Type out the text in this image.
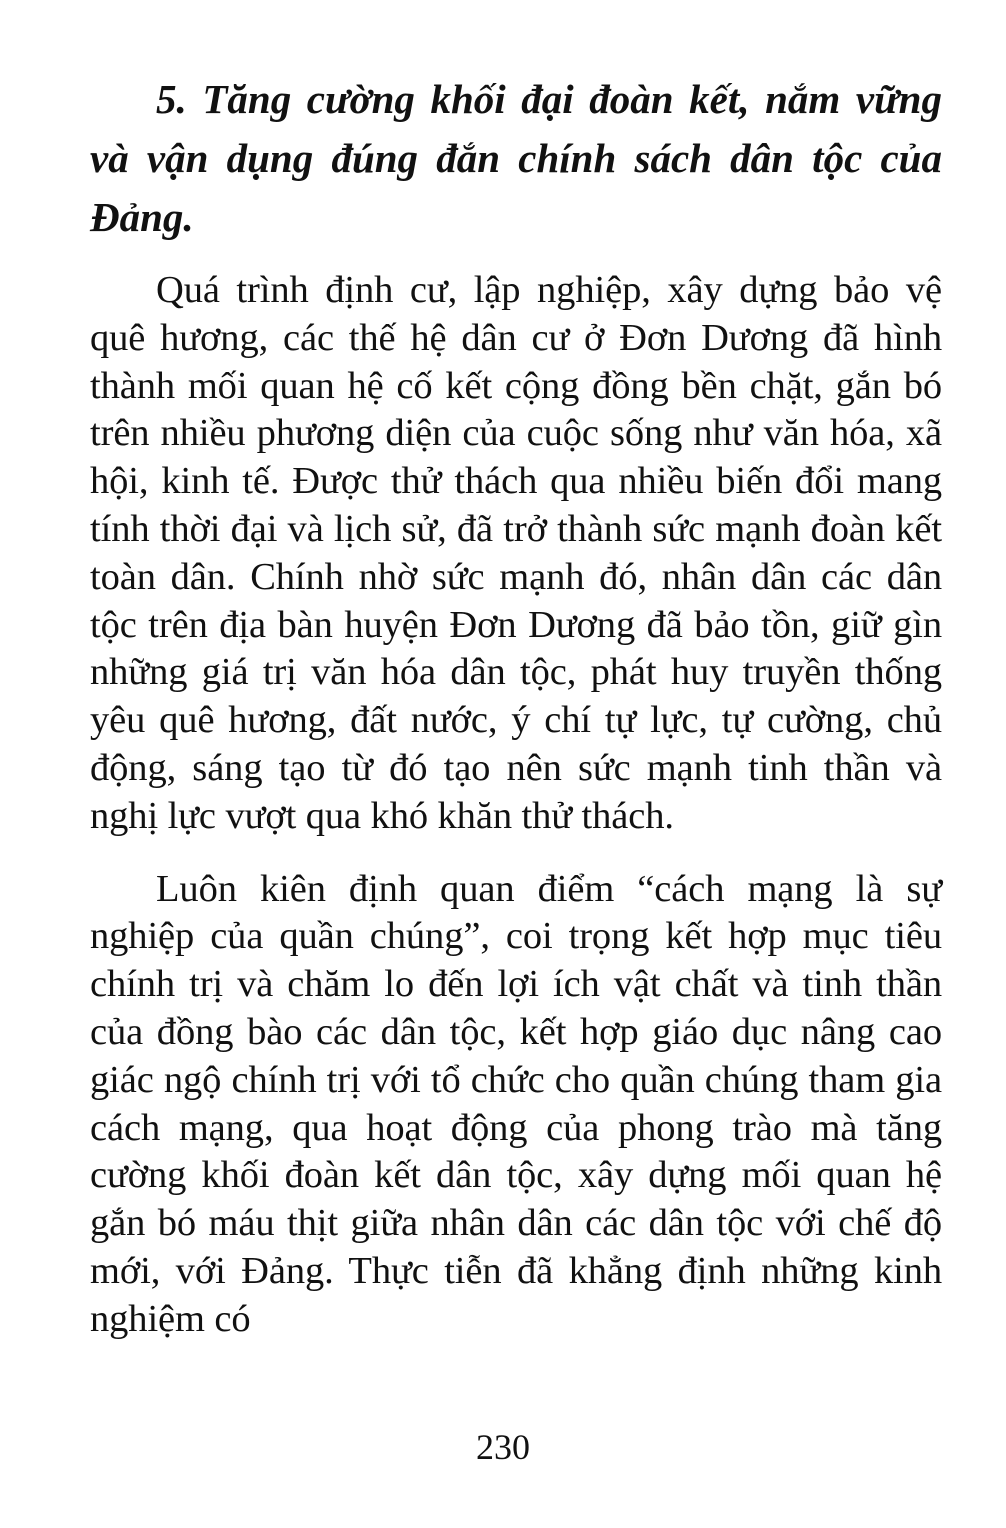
5. Tăng cường khối đại đoàn kết, nắm vững và vận dụng đúng đắn chính sách dân tộc của Đảng.

Quá trình định cư, lập nghiệp, xây dựng bảo vệ quê hương, các thế hệ dân cư ở Đơn Dương đã hình thành mối quan hệ cố kết cộng đồng bền chặt, gắn bó trên nhiều phương diện của cuộc sống như văn hóa, xã hội, kinh tế. Được thử thách qua nhiều biến đổi mang tính thời đại và lịch sử, đã trở thành sức mạnh đoàn kết toàn dân. Chính nhờ sức mạnh đó, nhân dân các dân tộc trên địa bàn huyện Đơn Dương đã bảo tồn, giữ gìn những giá trị văn hóa dân tộc, phát huy truyền thống yêu quê hương, đất nước, ý chí tự lực, tự cường, chủ động, sáng tạo từ đó tạo nên sức mạnh tinh thần và nghị lực vượt qua khó khăn thử thách.

Luôn kiên định quan điểm “cách mạng là sự nghiệp của quần chúng”, coi trọng kết hợp mục tiêu chính trị và chăm lo đến lợi ích vật chất và tinh thần của đồng bào các dân tộc, kết hợp giáo dục nâng cao giác ngộ chính trị với tổ chức cho quần chúng tham gia cách mạng, qua hoạt động của phong trào mà tăng cường khối đoàn kết dân tộc, xây dựng mối quan hệ gắn bó máu thịt giữa nhân dân các dân tộc với chế độ mới, với Đảng. Thực tiễn đã khẳng định những kinh nghiệm có

230
